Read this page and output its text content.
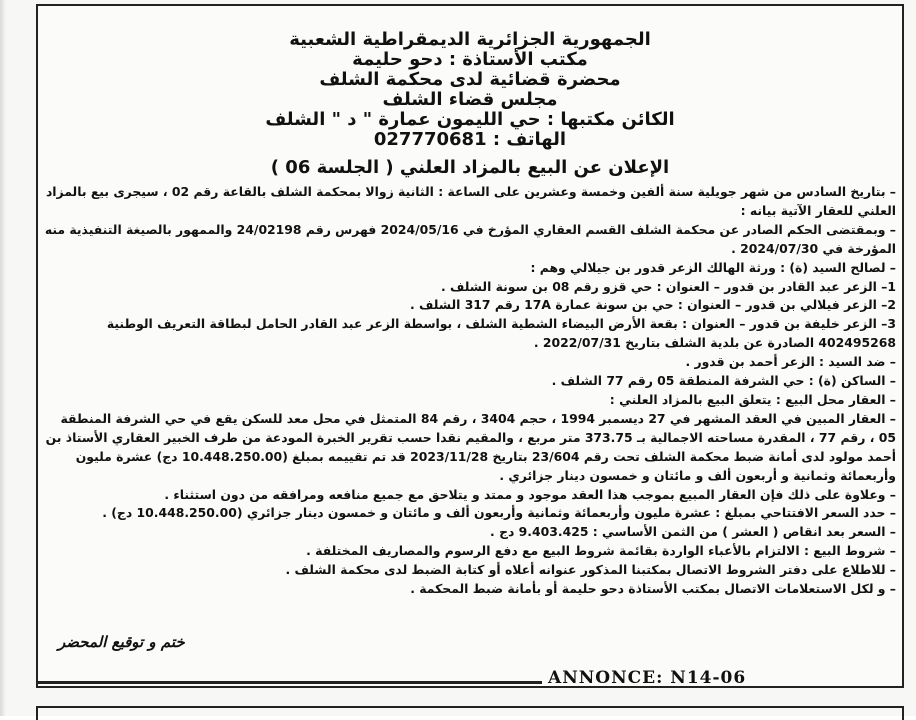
الجمهورية الجزائرية الديمقراطية الشعبية

مكتب الأستاذة : دحو حليمة

محضرة قضائية لدى محكمة الشلف

مجلس قضاء الشلف

الكائن مكتبها : حي الليمون عمارة " د " الشلف

الهاتف : 027770681

الإعلان عن البيع بالمزاد العلني ( الجلسة 06 )

– بتاريخ السادس من شهر جويلية سنة ألفين وخمسة وعشرين على الساعة : الثانية زوالا بمحكمة الشلف بالقاعة رقم 02 ، سيجرى بيع بالمزاد العلني للعقار الآتية بيانه :

– وبمقتضى الحكم الصادر عن محكمة الشلف القسم العقاري المؤرخ في 2024/05/16 فهرس رقم 24/02198 والممهور بالصيغة التنفيذية منه المؤرخة في 2024/07/30 .

– لصالح السيد (ة) : ورثة الهالك الزعر قدور بن جيلالي وهم :

1– الزعر عبد القادر بن قدور – العنوان : حي قزو رقم 08 بن سونة الشلف .

2– الزعر فيلالي بن قدور – العنوان : حي بن سونة عمارة 17A رقم 317 الشلف .

3– الزعر خليفة بن قدور – العنوان : بقعة الأرض البيضاء الشطية الشلف ، بواسطة الزعر عبد القادر الحامل لبطاقة التعريف الوطنية 402495268 الصادرة عن بلدية الشلف بتاريخ 2022/07/31 .

– ضد السيد : الزعر أحمد بن قدور .

– الساكن (ة) : حي الشرفة المنطقة 05 رقم 77 الشلف .

– العقار محل البيع : يتعلق البيع بالمزاد العلني :

– العقار المبين في العقد المشهر في 27 ديسمبر 1994 ، حجم 3404 ، رقم 84 المتمثل في محل معد للسكن يقع في حي الشرفة المنطقة 05 ، رقم 77 ، المقدرة مساحته الاجمالية بـ 373.75 متر مربع ، والمقيم نقدا حسب تقرير الخبرة المودعة من طرف الخبير العقاري الأستاذ بن أحمد مولود لدى أمانة ضبط محكمة الشلف تحت رقم 23/604 بتاريخ 2023/11/28 قد تم تقييمه بمبلغ (10.448.250.00 دج) عشرة مليون وأربعمائة وثمانية و أربعون ألف و مائتان و خمسون دينار جزائري .

– وعلاوة على ذلك فإن العقار المبيع بموجب هذا العقد موجود و ممتد و يتلاحق مع جميع منافعه ومرافقه من دون استثناء .

– حدد السعر الافتتاحي بمبلغ : عشرة مليون وأربعمائة وثمانية وأربعون ألف و مائتان و خمسون دينار جزائري (10.448.250.00 دج) .

– السعر بعد انقاص ( العشر ) من الثمن الأساسي : 9.403.425 دج .

– شروط البيع : الالتزام بالأعباء الواردة بقائمة شروط البيع مع دفع الرسوم والمصاريف المختلفة .

– للاطلاع على دفتر الشروط الاتصال بمكتبنا المذكور عنوانه أعلاه أو كتابة الضبط لدى محكمة الشلف .

– و لكل الاستعلامات الاتصال بمكتب الأستاذة دحو حليمة أو بأمانة ضبط المحكمة .

ختم و توقيع المحضر
ANNONCE: N14-06
